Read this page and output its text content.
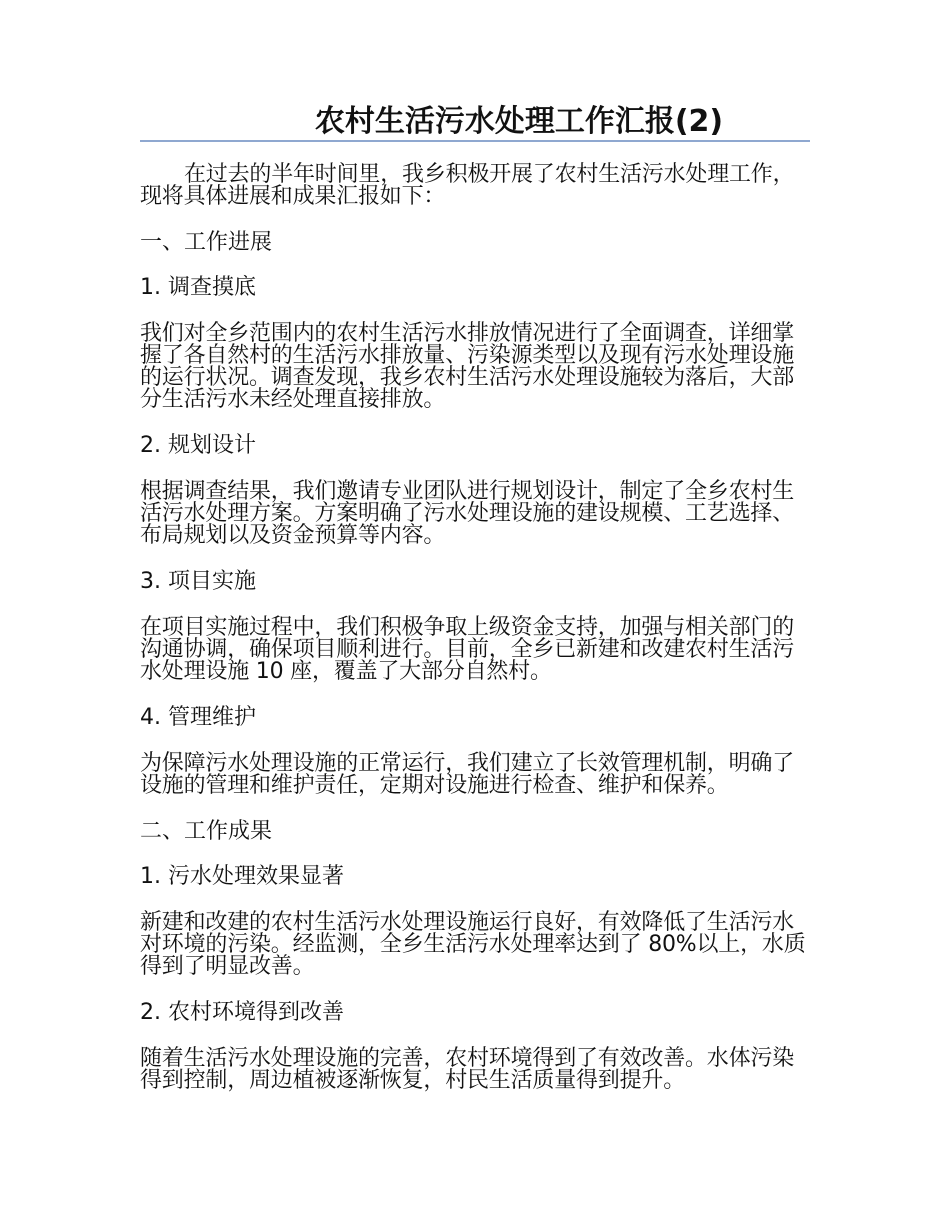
农村生活污水处理工作汇报(2)

在过去的半年时间里，我乡积极开展了农村生活污水处理工作，现将具体进展和成果汇报如下：

一、工作进展
1. 调查摸底

我们对全乡范围内的农村生活污水排放情况进行了全面调查，详细掌握了各自然村的生活污水排放量、污染源类型以及现有污水处理设施的运行状况。调查发现，我乡农村生活污水处理设施较为落后，大部分生活污水未经处理直接排放。

2. 规划设计

根据调查结果，我们邀请专业团队进行规划设计，制定了全乡农村生活污水处理方案。方案明确了污水处理设施的建设规模、工艺选择、布局规划以及资金预算等内容。

3. 项目实施

在项目实施过程中，我们积极争取上级资金支持，加强与相关部门的沟通协调，确保项目顺利进行。目前，全乡已新建和改建农村生活污水处理设施 10 座，覆盖了大部分自然村。

4. 管理维护

为保障污水处理设施的正常运行，我们建立了长效管理机制，明确了设施的管理和维护责任，定期对设施进行检查、维护和保养。

二、工作成果
1. 污水处理效果显著

新建和改建的农村生活污水处理设施运行良好，有效降低了生活污水对环境的污染。经监测，全乡生活污水处理率达到了 80%以上，水质得到了明显改善。

2. 农村环境得到改善

随着生活污水处理设施的完善，农村环境得到了有效改善。水体污染得到控制，周边植被逐渐恢复，村民生活质量得到提升。
